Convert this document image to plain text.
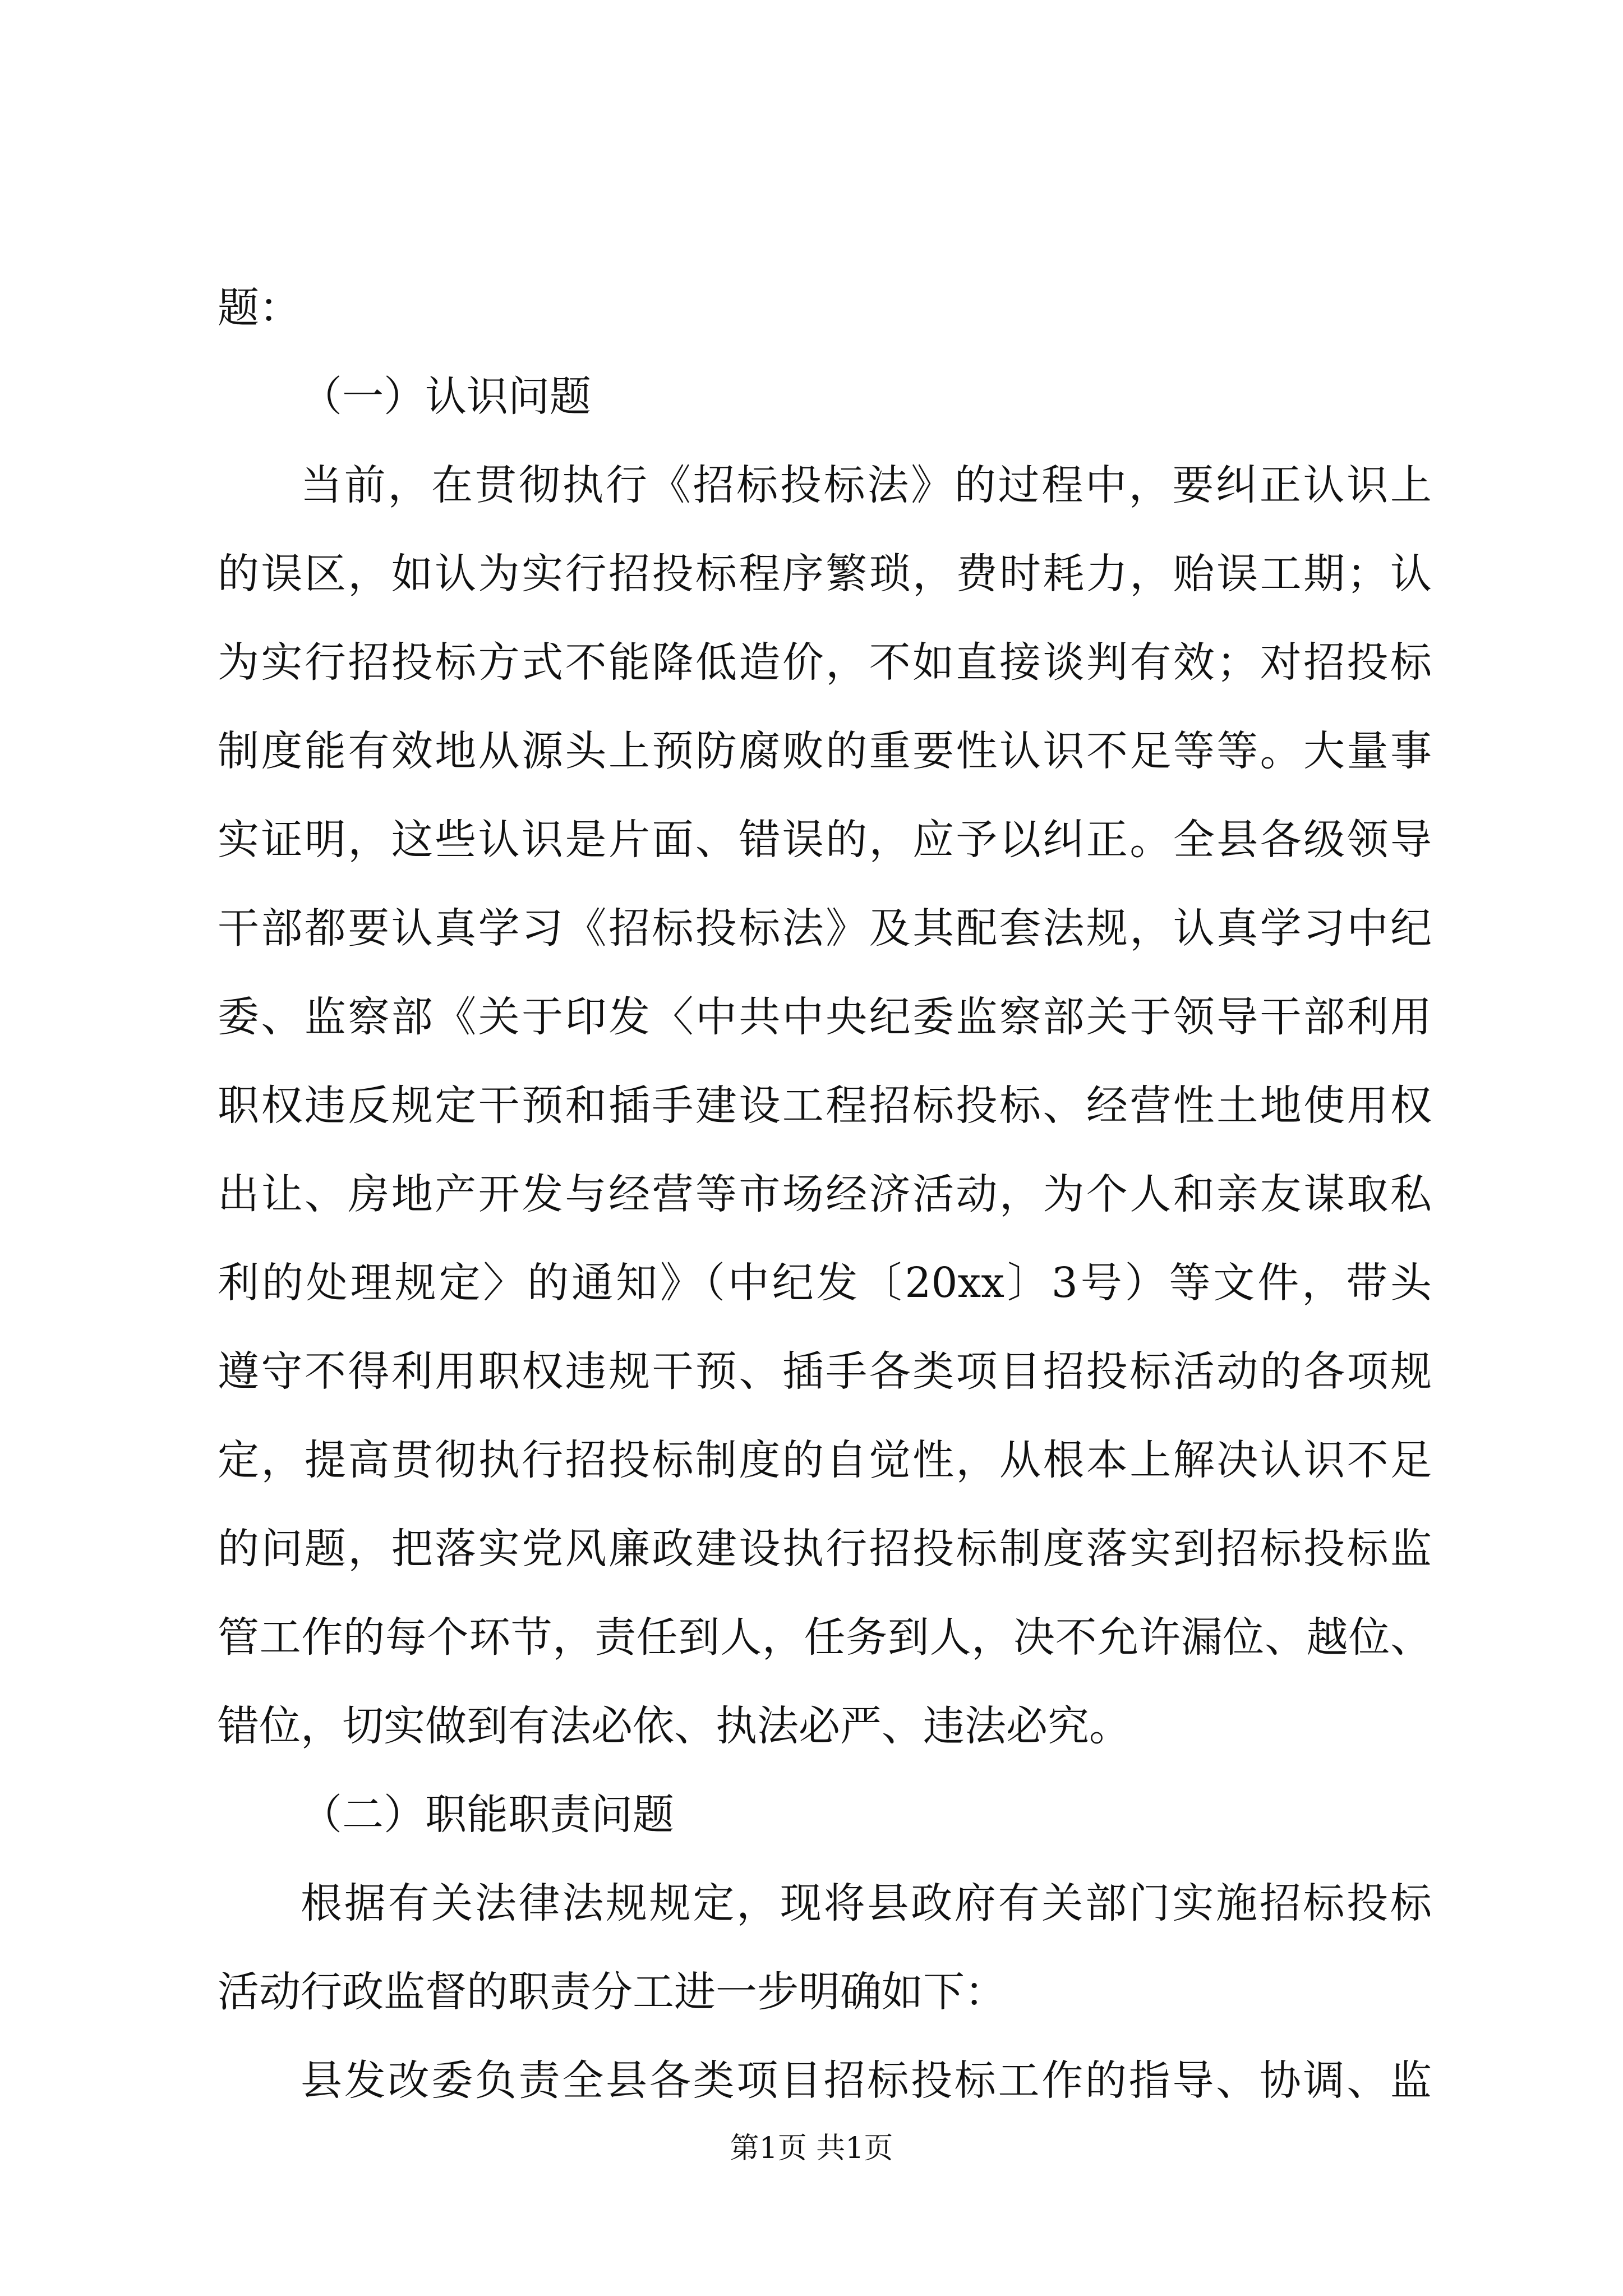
题：
（一）认识问题
当前，在贯彻执行《招标投标法》的过程中，要纠正认识上
的误区，如认为实行招投标程序繁琐，费时耗力，贻误工期；认
为实行招投标方式不能降低造价，不如直接谈判有效；对招投标
制度能有效地从源头上预防腐败的重要性认识不足等等。大量事
实证明，这些认识是片面、错误的，应予以纠正。全县各级领导
干部都要认真学习《招标投标法》及其配套法规，认真学习中纪
委、监察部《关于印发〈中共中央纪委监察部关于领导干部利用
职权违反规定干预和插手建设工程招标投标、经营性土地使用权
出让、房地产开发与经营等市场经济活动，为个人和亲友谋取私
利的处理规定〉的通知》（中纪发〔20xx〕3号）等文件，带头
遵守不得利用职权违规干预、插手各类项目招投标活动的各项规
定，提高贯彻执行招投标制度的自觉性，从根本上解决认识不足
的问题，把落实党风廉政建设执行招投标制度落实到招标投标监
管工作的每个环节，责任到人，任务到人，决不允许漏位、越位、
错位，切实做到有法必依、执法必严、违法必究。
（二）职能职责问题
根据有关法律法规规定，现将县政府有关部门实施招标投标
活动行政监督的职责分工进一步明确如下：
县发改委负责全县各类项目招标投标工作的指导、协调、监
第1页 共1页
